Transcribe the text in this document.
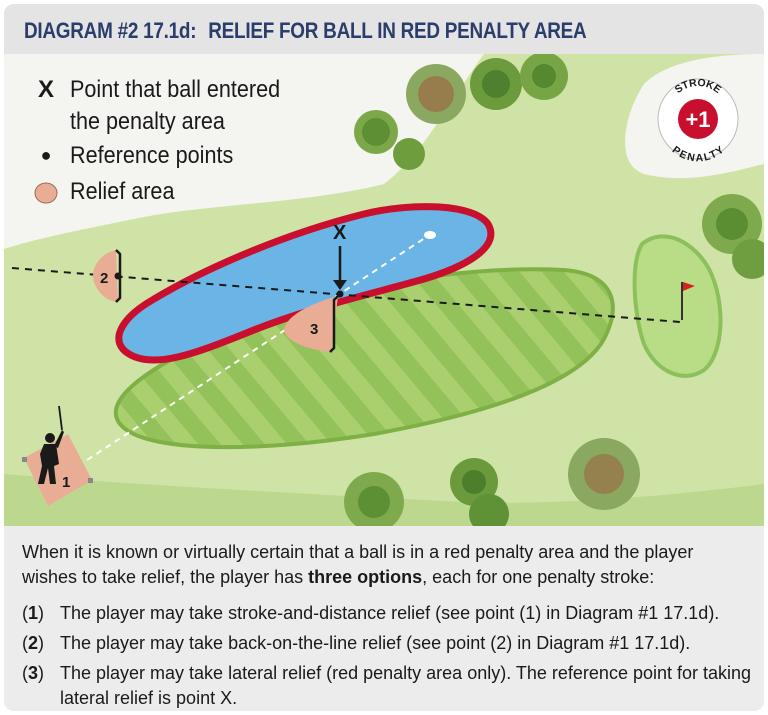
DIAGRAM #2 17.1d: RELIEF FOR BALL IN RED PENALTY AREA
2
3
1
X
+1
STROKE
PENALTY
X Point that ball entered
the penalty area
● Reference points
Relief area

When it is known or virtually certain that a ball is in a red penalty area and the player wishes to take relief, the player has three options, each for one penalty stroke:

(1) The player may take stroke-and-distance relief (see point (1) in Diagram #1 17.1d).

(2) The player may take back-on-the-line relief (see point (2) in Diagram #1 17.1d).

(3) The player may take lateral relief (red penalty area only). The reference point for taking lateral relief is point X.
